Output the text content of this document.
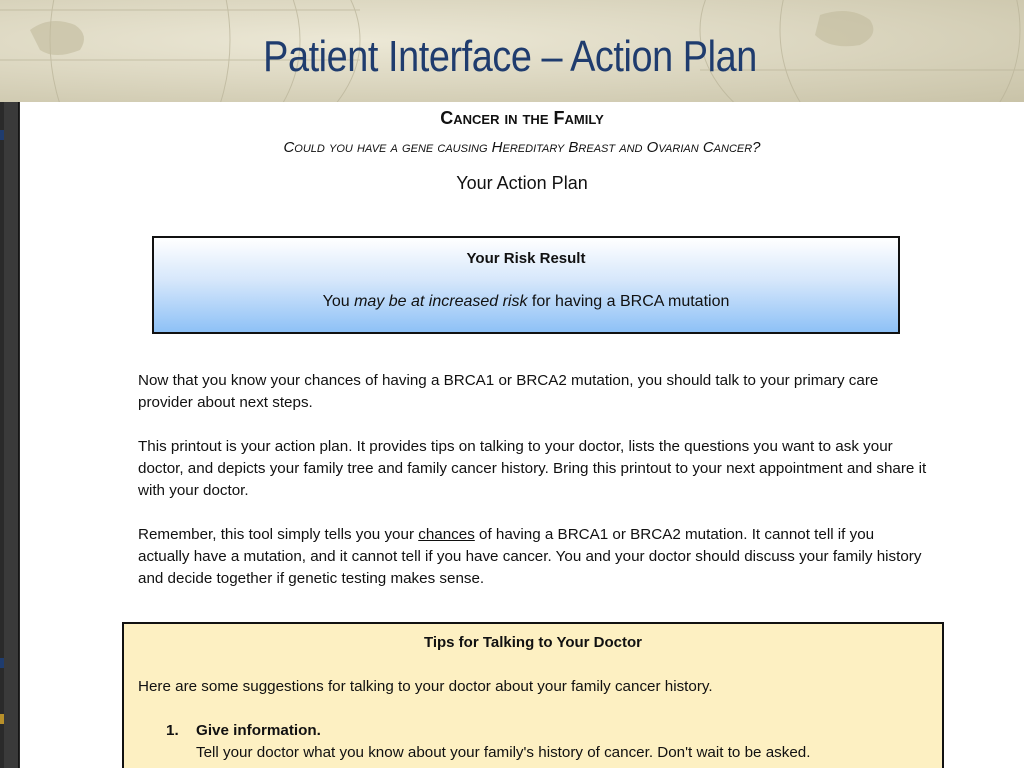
Patient Interface – Action Plan
Cancer in the Family
Could you have a gene causing Hereditary Breast and Ovarian Cancer?
Your Action Plan
Your Risk Result
You may be at increased risk for having a BRCA mutation
Now that you know your chances of having a BRCA1 or BRCA2 mutation, you should talk to your primary care provider about next steps.
This printout is your action plan. It provides tips on talking to your doctor, lists the questions you want to ask your doctor, and depicts your family tree and family cancer history. Bring this printout to your next appointment and share it with your doctor.
Remember, this tool simply tells you your chances of having a BRCA1 or BRCA2 mutation. It cannot tell if you actually have a mutation, and it cannot tell if you have cancer. You and your doctor should discuss your family history and decide together if genetic testing makes sense.
Tips for Talking to Your Doctor
Here are some suggestions for talking to your doctor about your family cancer history.
1. Give information.
Tell your doctor what you know about your family's history of cancer. Don't wait to be asked.
